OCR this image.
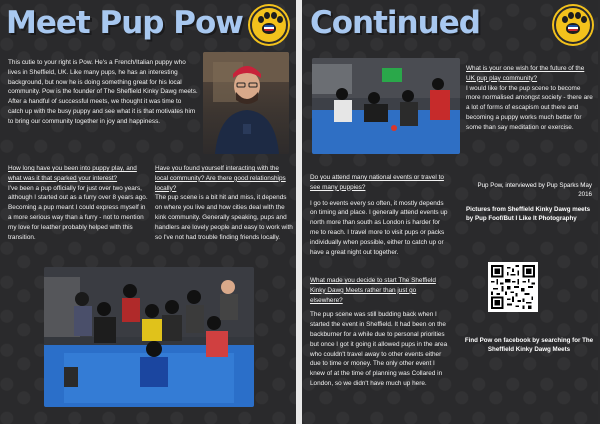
Meet Pup Pow
This cutie to your right is Pow. He's a French/Italian puppy who lives in Sheffield, UK. Like many pups, he has an interesting background, but now he is doing something great for his local community. Pow is the founder of The Sheffield Kinky Dawg meets. After a handful of successful meets, we thought it was time to catch up with the busy puppy and see what it is that motivates him to bring our community together in joy and happiness.

How long have you been into puppy play, and what was it that sparked your interest?

I've been a pup officially for just over two years, although I started out as a furry over 8 years ago. Becoming a pup meant I could express myself in a more serious way than a furry - not to mention my love for leather probably helped with this transition.

Have you found yourself interacting with the local community? Are there good relationships locally?

The pup scene is a bit hit and miss, it depends on where you live and how cities deal with the kink community. Generally speaking, pups and handlers are lovely people and easy to work with so I've not had trouble finding friends locally.

Continued

What is your one wish for the future of the UK pup play community?

I would like for the pup scene to become more normalised amongst society - there are a lot of forms of escapism out there and becoming a puppy works much better for some than say meditation or exercise.

Do you attend many national events or travel to see many puppies?

I go to events every so often, it mostly depends on timing and place. I generally attend events up north more than south as London is harder for me to reach. I travel more to visit pups or packs individually when possible, either to catch up or have a great night out together.

What made you decide to start The Sheffield Kinky Dawg Meets rather than just go elsewhere?

The pup scene was still budding back when I started the event in Sheffield. It had been on the backburner for a while due to personal priorities but once I got it going it allowed pups in the area who couldn't travel away to other events either due to time or money. The only other event I knew of at the time of planning was Collared in London, so we didn't have much up here.

Pup Pow, interviewed by Pup Sparks May 2016
Pictures from Sheffield Kinky Dawg meets by Pup Foof/But I Like It Photography
Find Pow on facebook by searching for The Sheffield Kinky Dawg Meets
